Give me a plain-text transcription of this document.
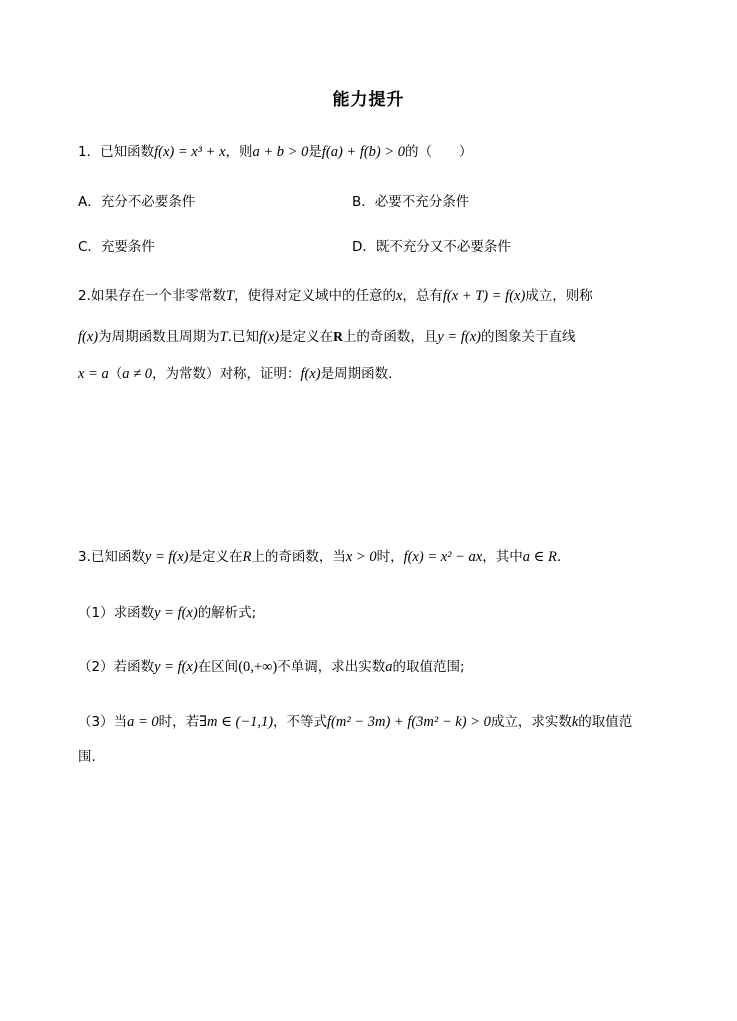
能力提升
1．已知函数f(x) = x³ + x，则a + b > 0是f(a) + f(b) > 0的（　　）
A．充分不必要条件	B．必要不充分条件
C．充要条件	D．既不充分又不必要条件
2.如果存在一个非零常数T，使得对定义域中的任意的x，总有f(x + T) = f(x)成立，则称
f(x)为周期函数且周期为T.已知f(x)是定义在R上的奇函数，且y = f(x)的图象关于直线
x = a（a ≠ 0，为常数）对称，证明：f(x)是周期函数.
3.已知函数y = f(x)是定义在R上的奇函数，当x > 0时，f(x) = x² − ax，其中a ∈ R.
（1）求函数y = f(x)的解析式;
（2）若函数y = f(x)在区间(0,+∞)不单调，求出实数a的取值范围;
（3）当a = 0时，若∃m ∈ (−1,1)，不等式f(m² − 3m) + f(3m² − k) > 0成立，求实数k的取值范
围.
